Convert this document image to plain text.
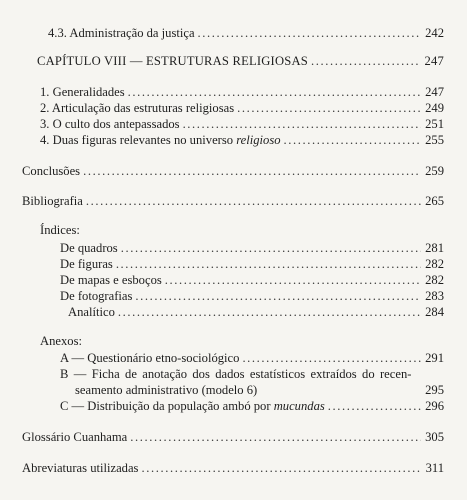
4.3. Administração da justiça .....	242
CAPÍTULO VIII — ESTRUTURAS RELIGIOSAS .....	247
1. Generalidades .....	247
2. Articulação das estruturas religiosas .....	249
3. O culto dos antepassados .....	251
4. Duas figuras relevantes no universo religioso .....	255
Conclusões .....	259
Bibliografia .....	265
Índices:
De quadros .....	281
De figuras .....	282
De mapas e esboços .....	282
De fotografias .....	283
Analítico .....	284
Anexos:
A — Questionário etno-sociológico .....	291
B — Ficha de anotação dos dados estatísticos extraídos do recen-
seamento administrativo (modelo 6)	295
C — Distribuição da população ambó por mucundas .....	296
Glossário Cuanhama .....	305
Abreviaturas utilizadas .....	311
